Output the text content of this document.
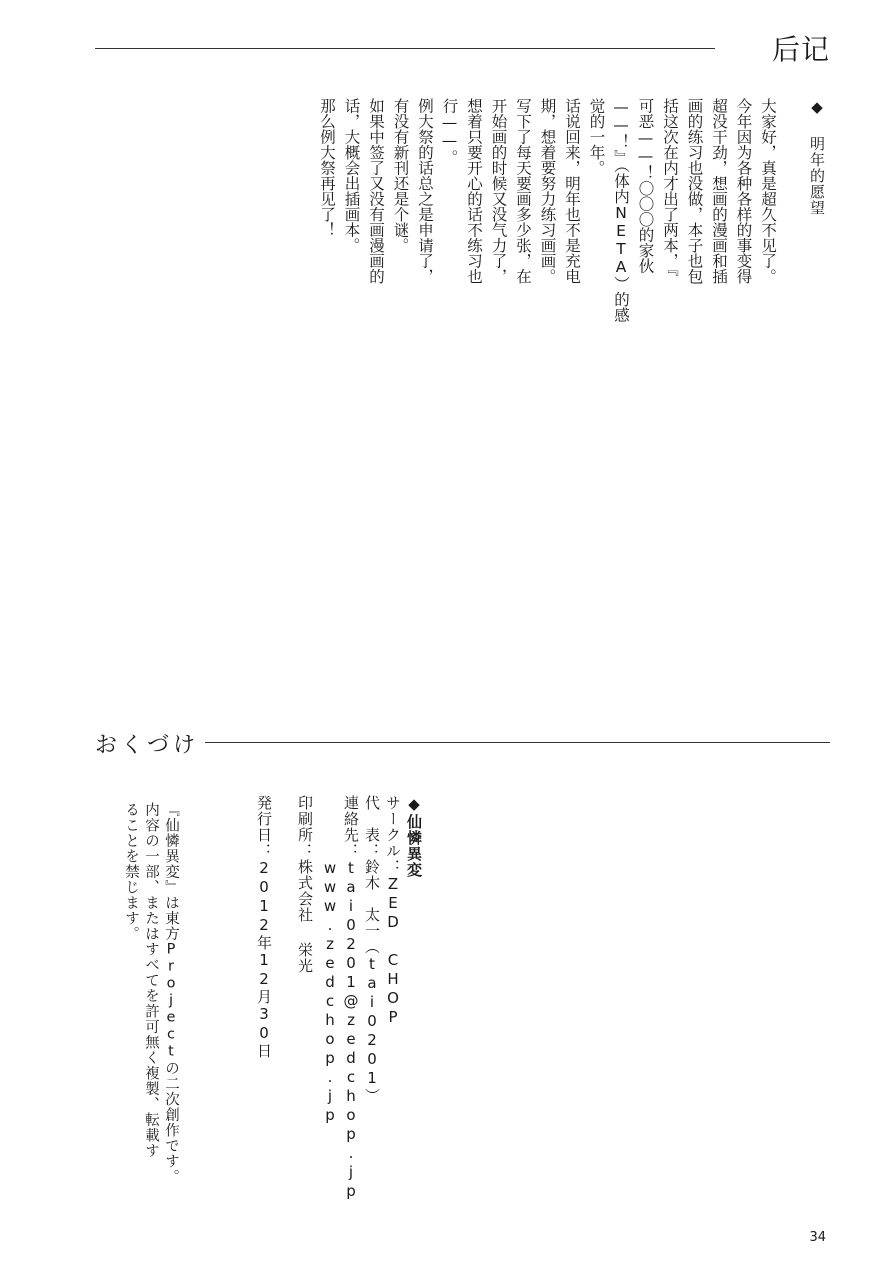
后记
◆ 明年的愿望
大家好，真是超久不见了。
今年因为各种各样的事变得
超没干劲，想画的漫画和插
画的练习也没做，本子也包
括这次在内才出了两本，『
可恶——！〇〇〇的家伙
——！』（体内NETA）的感
觉的一年。
话说回来，明年也不是充电
期，想着要努力练习画画。
写下了每天要画多少张，在
开始画的时候又没气力了，
想着只要开心的话不练习也
行——。
例大祭的话总之是申请了，
有没有新刊还是个谜。
如果中签了又没有画漫画的
话，大概会出插画本。
那么例大祭再见了！
おくづけ
◆仙憐異変
サークル：ZED CHOP
代　表：鈴木　太一（tai0201）
連絡先：tai0201@zedchop.jp
www.zedchop.jp
印刷所：株式会社 栄光
発行日：2012年12月30日
『仙憐異変』は東方Projectの二次創作です。
内容の一部、またはすべてを許可無く複製、転載す
ることを禁じます。
34
